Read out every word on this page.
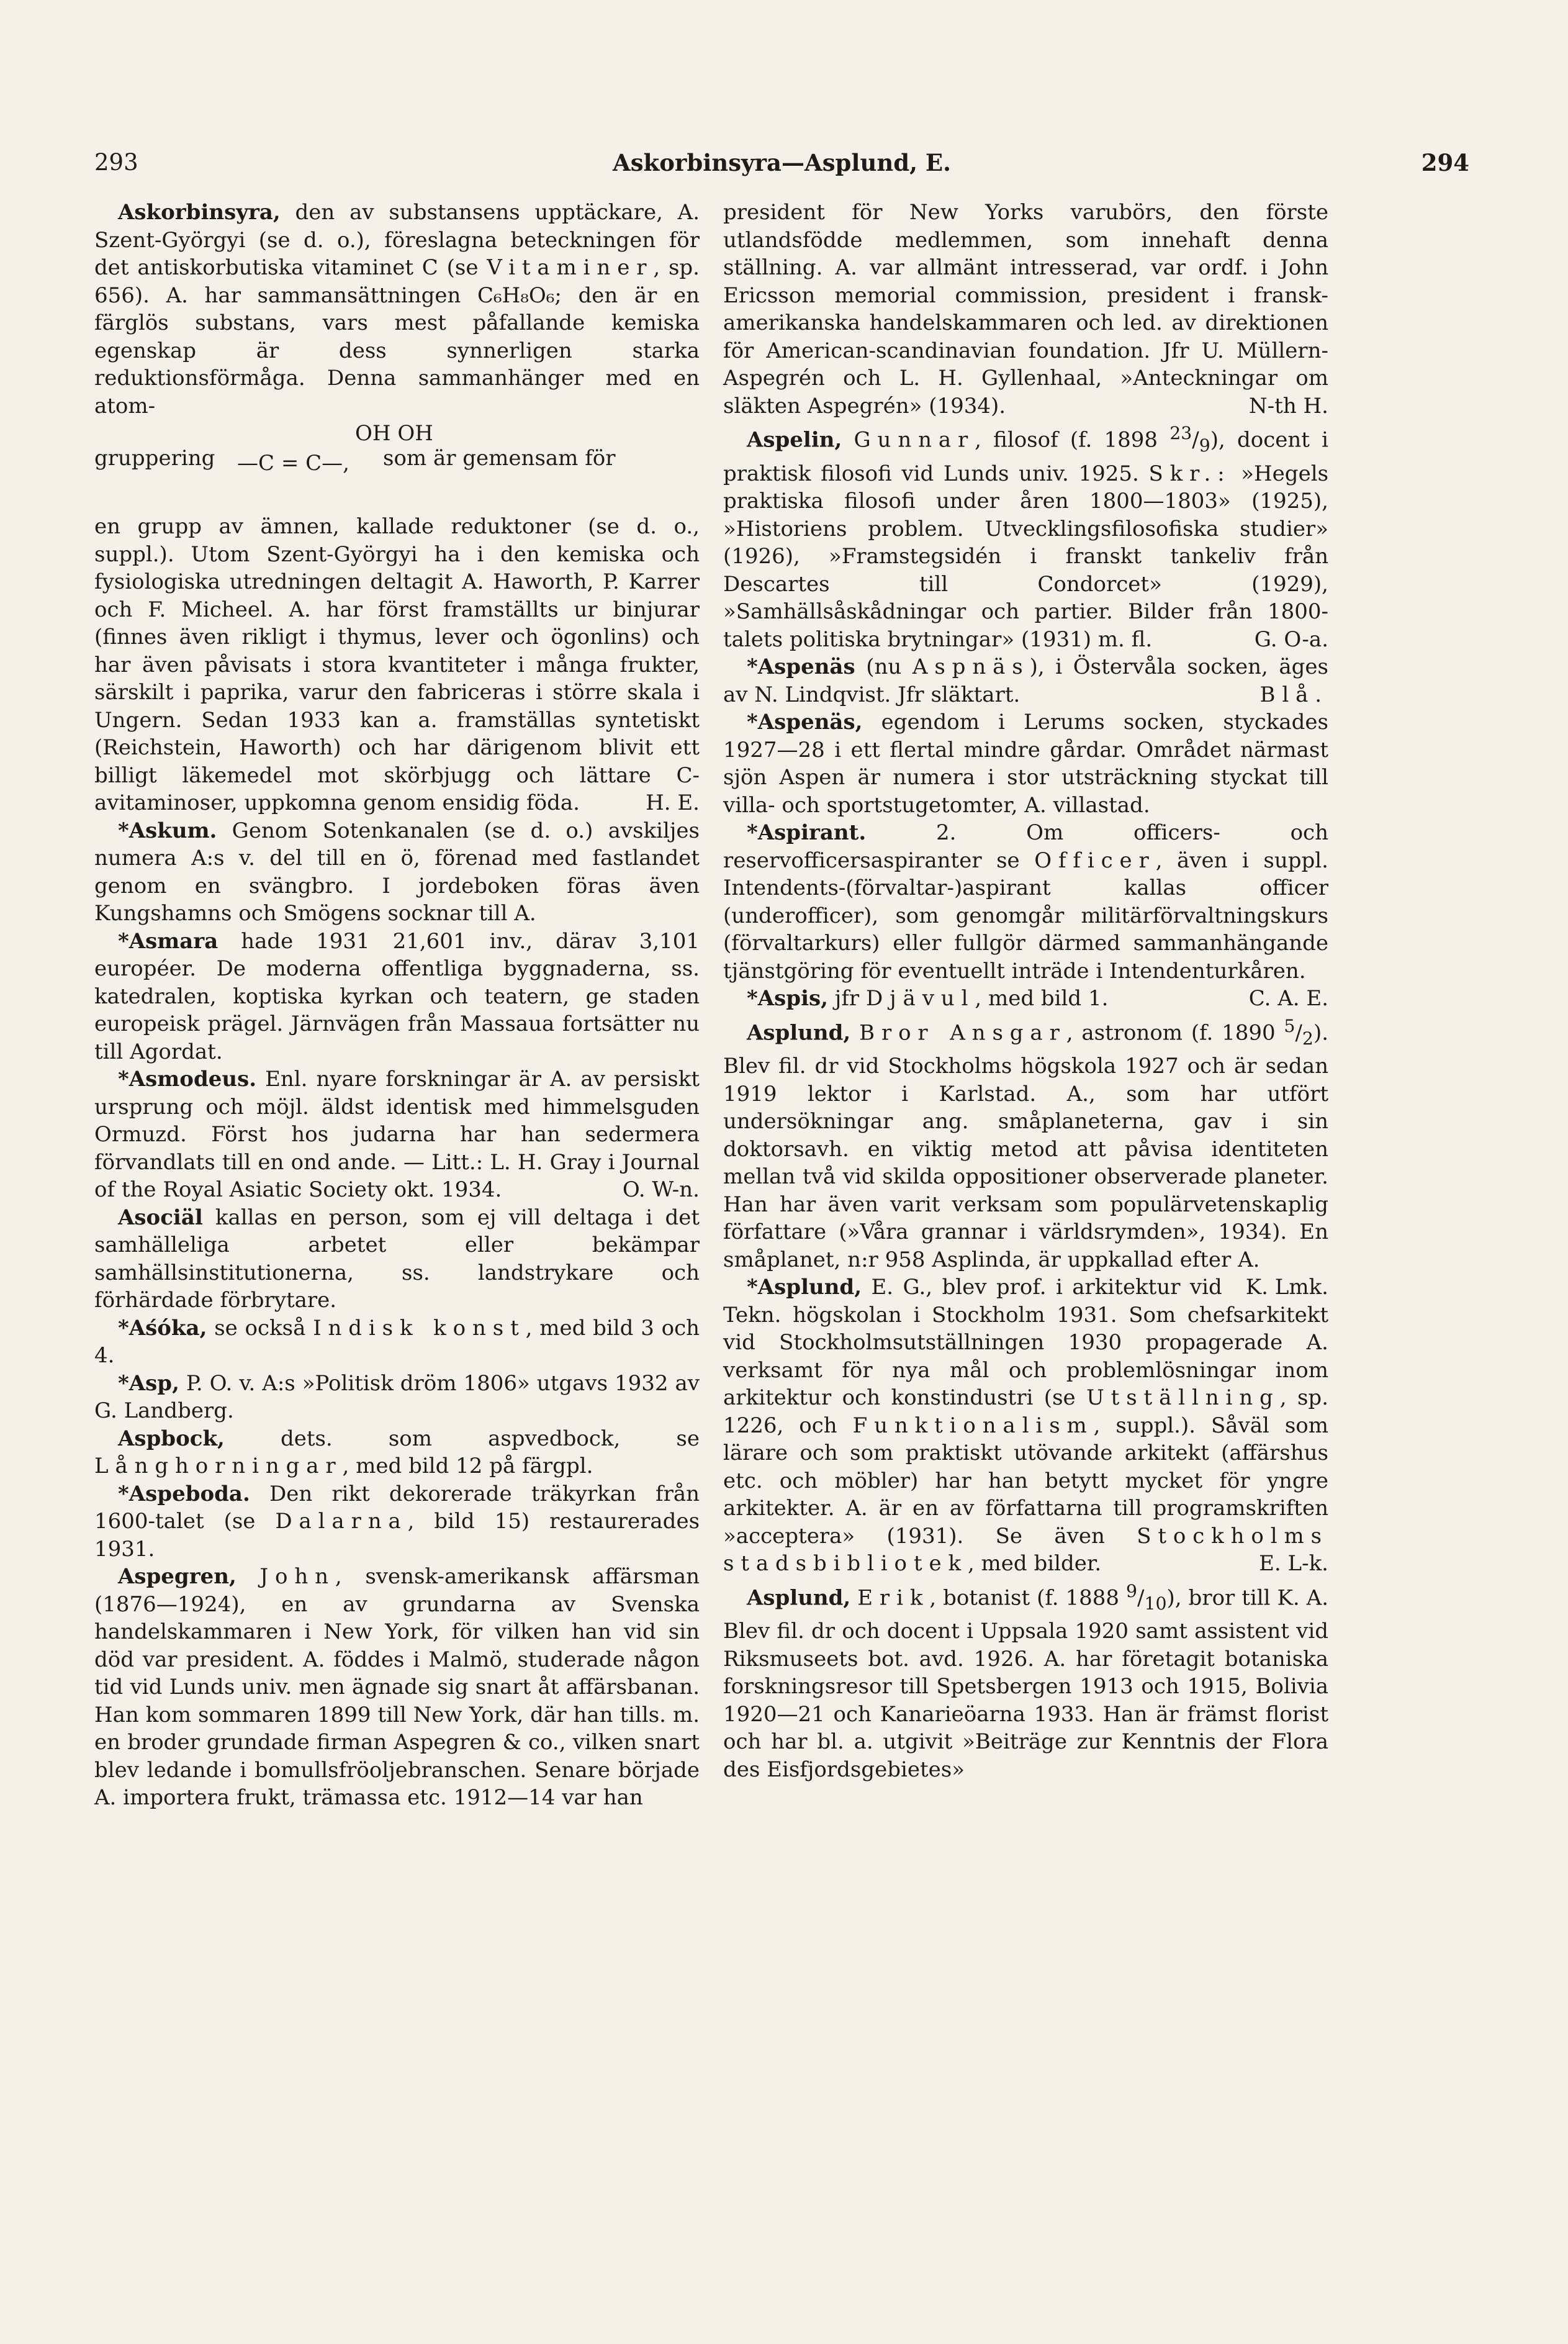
293	Askorbinsyra—Asplund, E.	294
Askorbinsyra, den av substansens upptäckare, A. Szent-Györgyi (se d. o.), föreslagna beteckningen för det antiskorbutiska vitaminet C (se Vitaminer, sp. 656). A. har sammansättningen C₆H₈O₆; den är en färglös substans, vars mest påfallande kemiska egenskap är dess synnerligen starka reduktionsförmåga. Denna sammanhänger med en atom-
OH OH
gruppering —C = C—, som är gemensam för
en grupp av ämnen, kallade reduktoner (se d. o., suppl.). Utom Szent-Györgyi ha i den kemiska och fysiologiska utredningen deltagit A. Haworth, P. Karrer och F. Micheel. A. har först framställts ur binjurar (finnes även rikligt i thymus, lever och ögonlins) och har även påvisats i stora kvantiteter i många frukter, särskilt i paprika, varur den fabriceras i större skala i Ungern. Sedan 1933 kan a. framställas syntetiskt (Reichstein, Haworth) och har därigenom blivit ett billigt läkemedel mot skörbjugg och lättare C-avitaminoser, uppkomna genom ensidig föda.	H. E.
*Askum. Genom Sotenkanalen (se d. o.) avskiljes numera A:s v. del till en ö, förenad med fastlandet genom en svängbro. I jordeboken föras även Kungshamns och Smögens socknar till A.
*Asmara hade 1931 21,601 inv., därav 3,101 européer. De moderna offentliga byggnaderna, ss. katedralen, koptiska kyrkan och teatern, ge staden europeisk prägel. Järnvägen från Massaua fortsätter nu till Agordat.
*Asmodeus. Enl. nyare forskningar är A. av persiskt ursprung och möjl. äldst identisk med himmelsguden Ormuzd. Först hos judarna har han sedermera förvandlats till en ond ande. — Litt.: L. H. Gray i Journal of the Royal Asiatic Society okt. 1934.	O. W-n.
Asociäl kallas en person, som ej vill deltaga i det samhälleliga arbetet eller bekämpar samhällsinstitutionerna, ss. landstrykare och förhärdade förbrytare.
*Aśóka, se också Indisk konst, med bild 3 och 4.
*Asp, P. O. v. A:s »Politisk dröm 1806» utgavs 1932 av G. Landberg.
Aspbock,	dets. som aspvedbock, se Långhorningar, med bild 12 på färgpl.
*Aspeboda. Den rikt dekorerade träkyrkan från 1600-talet (se Dalarna, bild 15) restaurerades 1931.
Aspegren, John, svensk-amerikansk affärsman (1876—1924), en av grundarna av Svenska handelskammaren i New York, för vilken han vid sin död var president. A. föddes i Malmö, studerade någon tid vid Lunds univ. men ägnade sig snart åt affärsbanan. Han kom sommaren 1899 till New York, där han tills. m. en broder grundade firman Aspegren & co., vilken snart blev ledande i bomullsfröoljebranschen. Senare började A. importera frukt, trämassa etc. 1912—14 var han
president för New Yorks varubörs, den förste utlandsfödde medlemmen, som innehaft denna ställning. A. var allmänt intresserad, var ordf. i John Ericsson memorial commission, president i fransk-amerikanska handelskammaren och led. av direktionen för American-scandinavian foundation. Jfr U. Müllern-Aspegrén och L. H. Gyllenhaal, »Anteckningar om släkten Aspegrén» (1934).	N-th H.
Aspelin, Gunnar, filosof (f. 1898 $^{23}/_9$), docent i praktisk filosofi vid Lunds univ. 1925. Skr.: »Hegels praktiska filosofi under åren 1800—1803» (1925), »Historiens problem. Utvecklingsfilosofiska studier» (1926), »Framstegsidén i franskt tankeliv från Descartes till Condorcet» (1929), »Samhällsåskådningar och partier. Bilder från 1800-talets politiska brytningar» (1931) m. fl.	G. O-a.
*Aspenäs (nu Aspnäs), i Östervåla socken, äges av N. Lindqvist. Jfr släktart.	Blå.
*Aspenäs, egendom i Lerums socken, styckades 1927—28 i ett flertal mindre gårdar. Området närmast sjön Aspen är numera i stor utsträckning styckat till villa- och sportstugetomter, A. villastad.
*Aspirant.	2. Om officers- och reservofficersaspiranter se Officer, även i suppl. Intendents-(förvaltar-)aspirant kallas officer (underofficer), som genomgår militärförvaltningskurs (förvaltarkurs) eller fullgör därmed sammanhängande tjänstgöring för eventuellt inträde i Intendenturkåren.
C. A. E.
*Aspis, jfr Djävul, med bild 1.
Asplund, Bror Ansgar, astronom (f. 1890 $^5/_2$). Blev fil. dr vid Stockholms högskola 1927 och är sedan 1919 lektor i Karlstad. A., som har utfört undersökningar ang. småplaneterna, gav i sin doktorsavh. en viktig metod att påvisa identiteten mellan två vid skilda oppositioner observerade planeter. Han har även varit verksam som populärvetenskaplig författare (»Våra grannar i världsrymden», 1934). En småplanet, n:r 958 Asplinda, är uppkallad efter A.
K. Lmk.
*Asplund, E. G., blev prof. i arkitektur vid Tekn. högskolan i Stockholm 1931. Som chefsarkitekt vid Stockholmsutställningen 1930 propagerade A. verksamt för nya mål och problemlösningar inom arkitektur och konstindustri (se Utställning, sp. 1226, och Funktionalism, suppl.). Såväl som lärare och som praktiskt utövande arkitekt (affärshus etc. och möbler) har han betytt mycket för yngre arkitekter. A. är en av författarna till programskriften »acceptera» (1931). Se även Stockholms stadsbibliotek, med bilder.	E. L-k.
Asplund, Erik, botanist (f. 1888 $^9/_{10}$), bror till K. A. Blev fil. dr och docent i Uppsala 1920 samt assistent vid Riksmuseets bot. avd. 1926. A. har företagit botaniska forskningsresor till Spetsbergen 1913 och 1915, Bolivia 1920—21 och Kanarieöarna 1933. Han är främst florist och har bl. a. utgivit »Beiträge zur Kenntnis der Flora des Eisfjordsgebietes»
